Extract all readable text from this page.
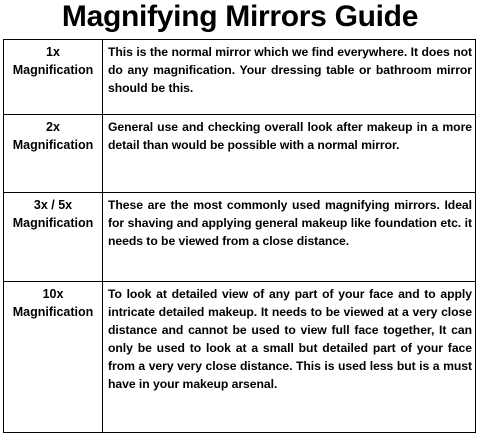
Magnifying Mirrors Guide
1x
Magnification	This is the normal mirror which we find everywhere. It does not do any magnification. Your dressing table or bathroom mirror should be this.

2x
Magnification	General use and checking overall look after makeup in a more detail than would be possible with a normal mirror.

3x / 5x
Magnification	These are the most commonly used magnifying mirrors. Ideal for shaving and applying general makeup like foundation etc. it needs to be viewed from a close distance.

10x
Magnification	To look at detailed view of any part of your face and to apply intricate detailed makeup. It needs to be viewed at a very close distance and cannot be used to view full face together, It can only be used to look at a small but detailed part of your face from a very very close distance. This is used less but is a must have in your makeup arsenal.
